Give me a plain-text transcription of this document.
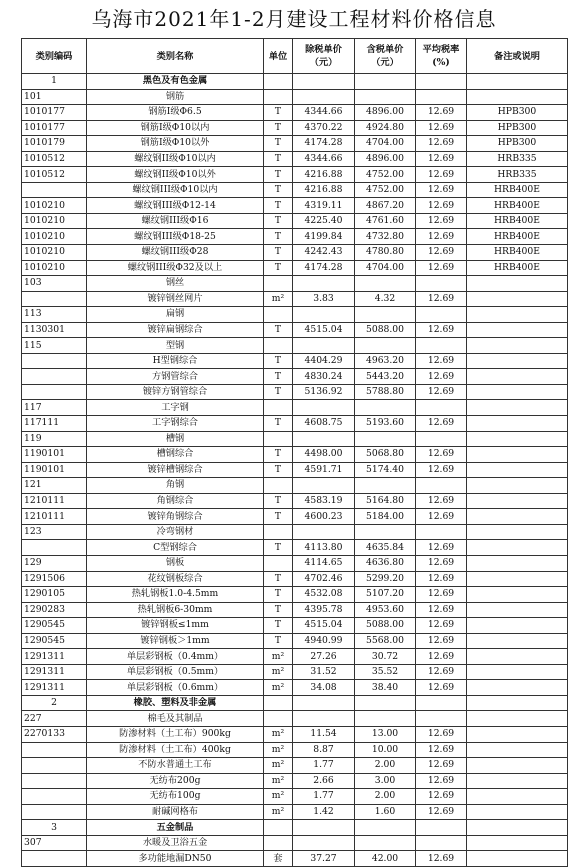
乌海市2021年1-2月建设工程材料价格信息
类别编码	类别名称	单位	除税单价（元）	含税单价（元）	平均税率(%)	备注或说明
1	黑色及有色金属					
101	钢筋					
1010177	钢筋I级Φ6.5	T	4344.66	4896.00	12.69	HPB300
1010177	钢筋I级Φ10以内	T	4370.22	4924.80	12.69	HPB300
1010179	钢筋I级Φ10以外	T	4174.28	4704.00	12.69	HPB300
1010512	螺纹钢II级Φ10以内	T	4344.66	4896.00	12.69	HRB335
1010512	螺纹钢II级Φ10以外	T	4216.88	4752.00	12.69	HRB335
	螺纹钢III级Φ10以内	T	4216.88	4752.00	12.69	HRB400E
1010210	螺纹钢III级Φ12-14	T	4319.11	4867.20	12.69	HRB400E
1010210	螺纹钢III级Φ16	T	4225.40	4761.60	12.69	HRB400E
1010210	螺纹钢III级Φ18-25	T	4199.84	4732.80	12.69	HRB400E
1010210	螺纹钢III级Φ28	T	4242.43	4780.80	12.69	HRB400E
1010210	螺纹钢III级Φ32及以上	T	4174.28	4704.00	12.69	HRB400E
103	钢丝					
	镀锌钢丝网片	m²	3.83	4.32	12.69	
113	扁钢					
1130301	镀锌扁钢综合	T	4515.04	5088.00	12.69	
115	型钢					
	H型钢综合	T	4404.29	4963.20	12.69	
	方钢管综合	T	4830.24	5443.20	12.69	
	镀锌方钢管综合	T	5136.92	5788.80	12.69	
117	工字钢					
117111	工字钢综合	T	4608.75	5193.60	12.69	
119	槽钢					
1190101	槽钢综合	T	4498.00	5068.80	12.69	
1190101	镀锌槽钢综合	T	4591.71	5174.40	12.69	
121	角钢					
1210111	角钢综合	T	4583.19	5164.80	12.69	
1210111	镀锌角钢综合	T	4600.23	5184.00	12.69	
123	冷弯钢材					
	C型钢综合	T	4113.80	4635.84	12.69	
129	钢板		4114.65	4636.80	12.69	
1291506	花纹钢板综合	T	4702.46	5299.20	12.69	
1290105	热轧钢板1.0-4.5mm	T	4532.08	5107.20	12.69	
1290283	热轧钢板6-30mm	T	4395.78	4953.60	12.69	
1290545	镀锌钢板≤1mm	T	4515.04	5088.00	12.69	
1290545	镀锌钢板＞1mm	T	4940.99	5568.00	12.69	
1291311	单层彩钢板（0.4mm）	m²	27.26	30.72	12.69	
1291311	单层彩钢板（0.5mm）	m²	31.52	35.52	12.69	
1291311	单层彩钢板（0.6mm）	m²	34.08	38.40	12.69	
2	橡胶、塑料及非金属					
227	棉毛及其制品					
2270133	防渗材料（土工布）900kg	m²	11.54	13.00	12.69	
	防渗材料（土工布）400kg	m²	8.87	10.00	12.69	
	不防水普通土工布	m²	1.77	2.00	12.69	
	无纺布200g	m²	2.66	3.00	12.69	
	无纺布100g	m²	1.77	2.00	12.69	
	耐碱网格布	m²	1.42	1.60	12.69	
3	五金制品					
307	水暖及卫浴五金					
	多功能地漏DN50	套	37.27	42.00	12.69	
